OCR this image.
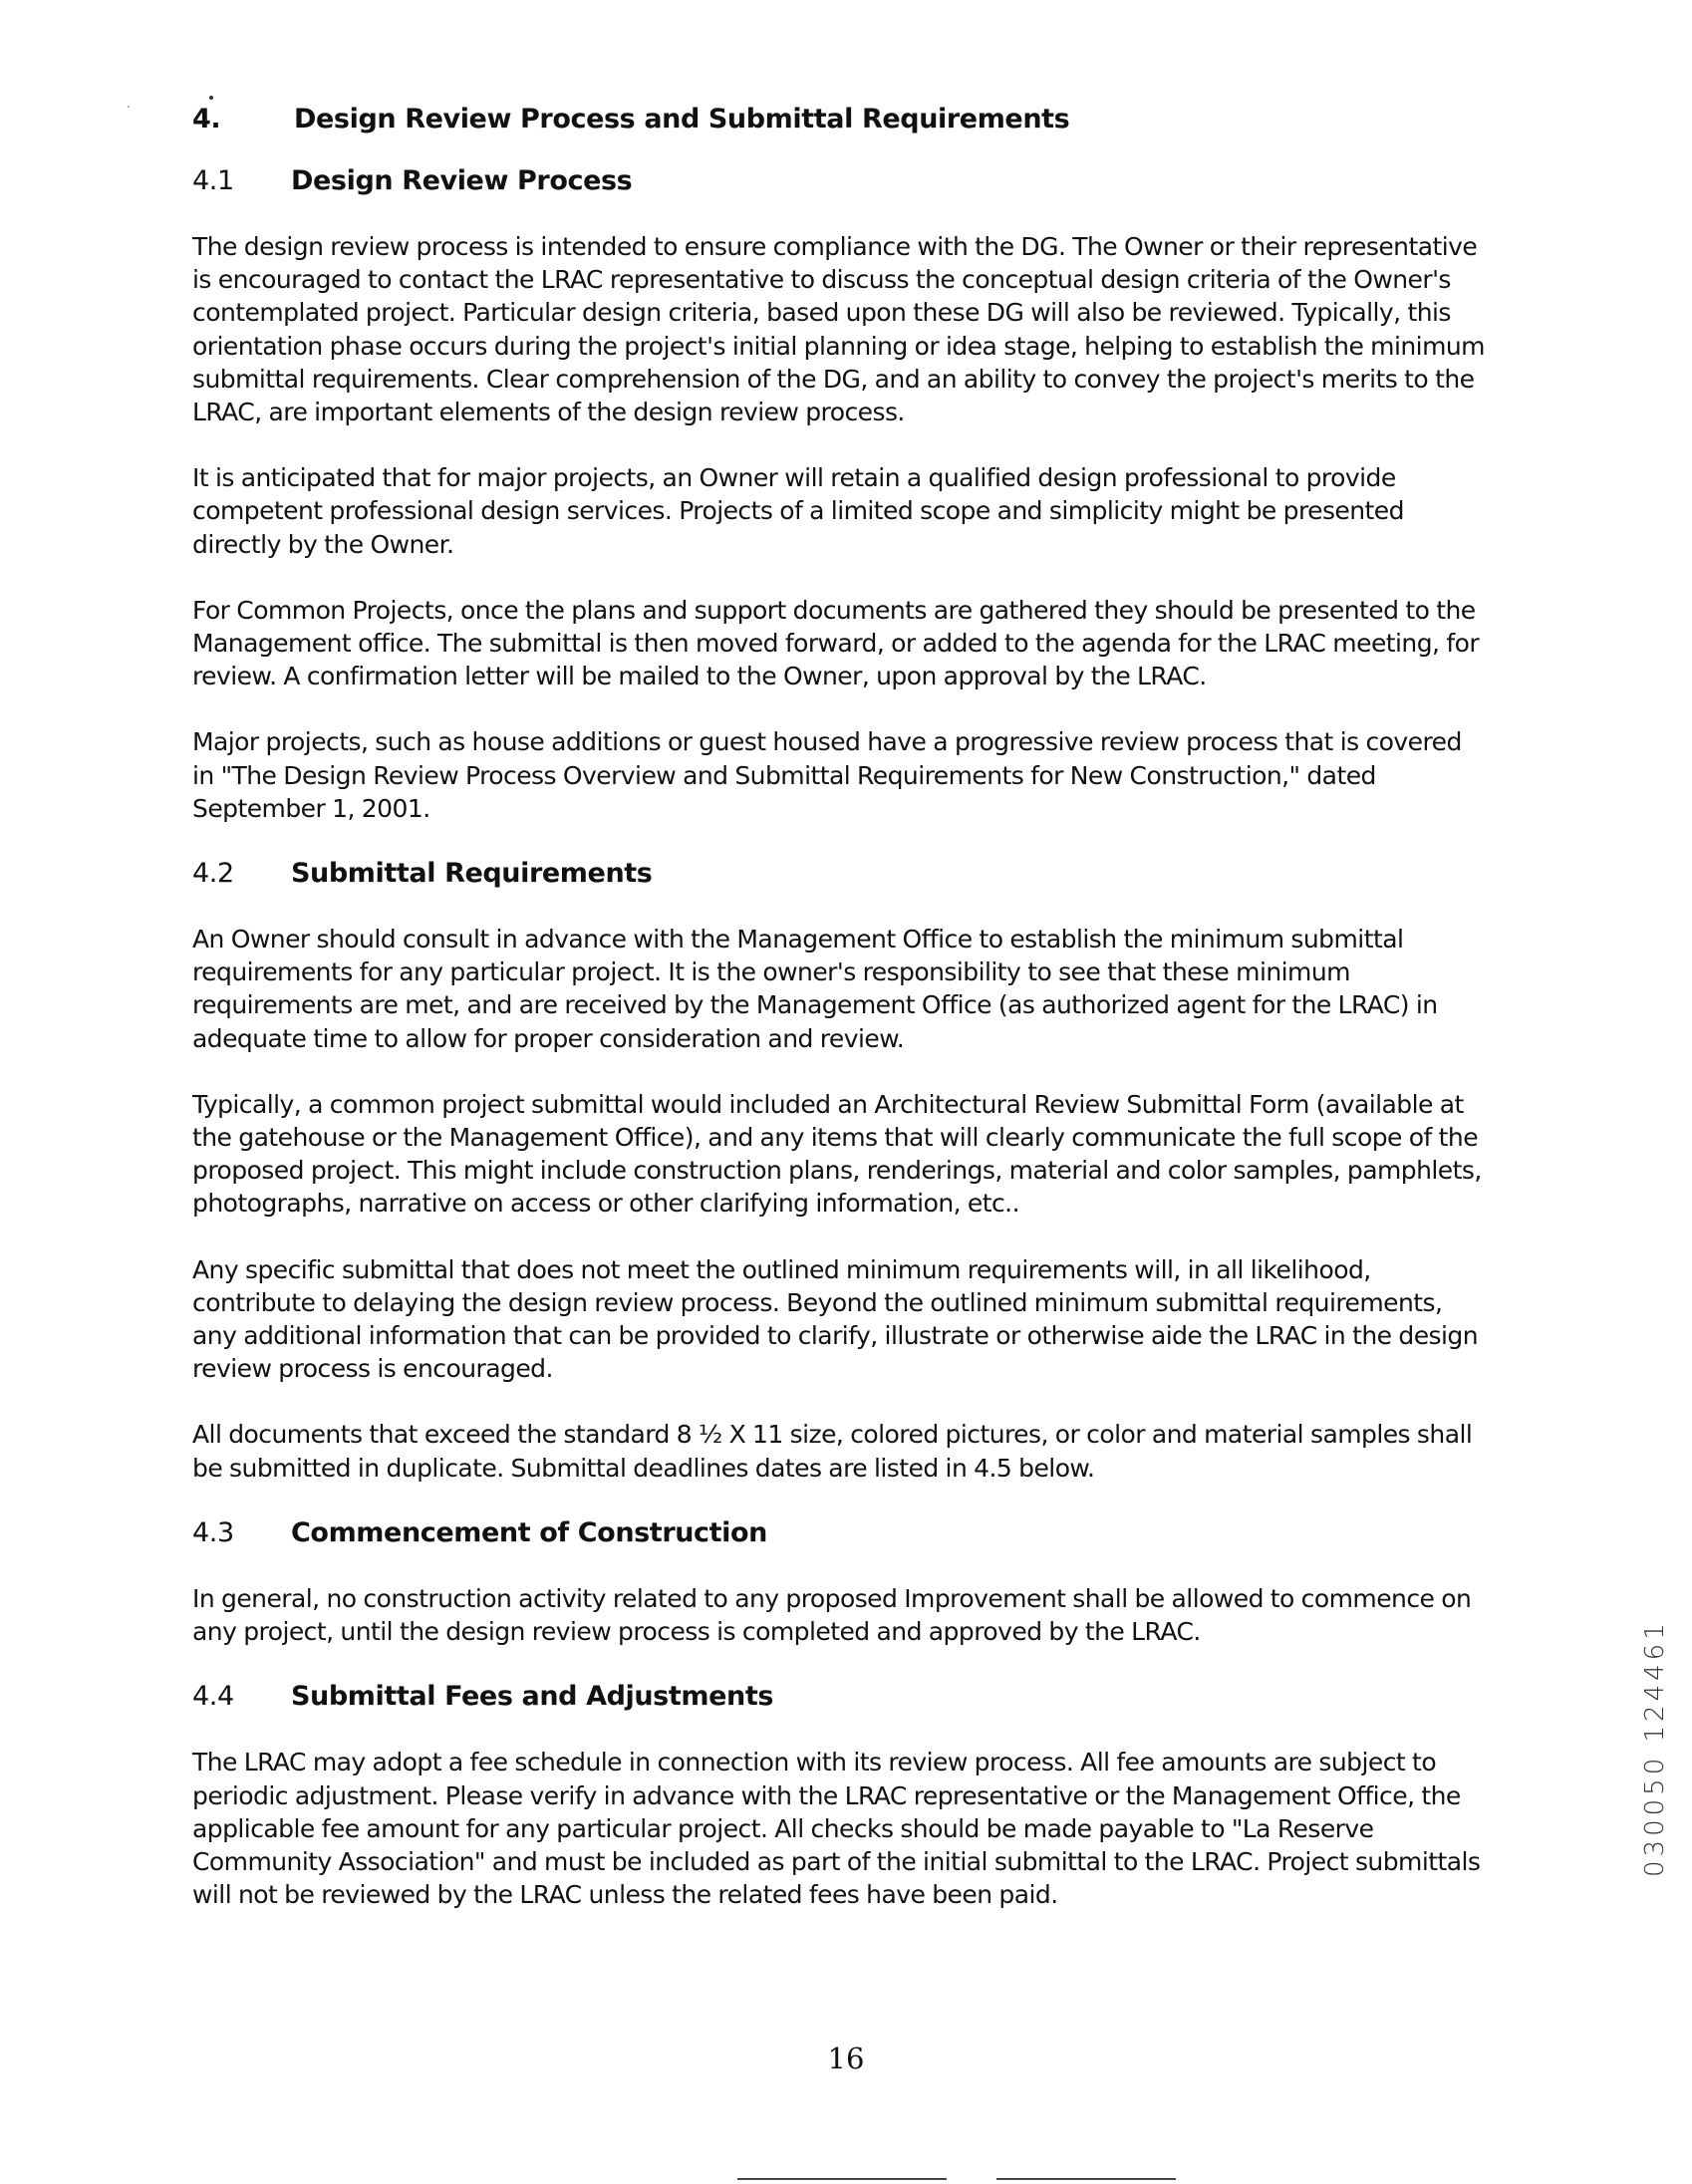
4.	Design Review Process and Submittal Requirements
4.1	Design Review Process

The design review process is intended to ensure compliance with the DG. The Owner or their representative is encouraged to contact the LRAC representative to discuss the conceptual design criteria of the Owner's contemplated project. Particular design criteria, based upon these DG will also be reviewed. Typically, this orientation phase occurs during the project's initial planning or idea stage, helping to establish the minimum submittal requirements. Clear comprehension of the DG, and an ability to convey the project's merits to the LRAC, are important elements of the design review process.

It is anticipated that for major projects, an Owner will retain a qualified design professional to provide competent professional design services. Projects of a limited scope and simplicity might be presented directly by the Owner.

For Common Projects, once the plans and support documents are gathered they should be presented to the Management office. The submittal is then moved forward, or added to the agenda for the LRAC meeting, for review. A confirmation letter will be mailed to the Owner, upon approval by the LRAC.

Major projects, such as house additions or guest housed have a progressive review process that is covered in "The Design Review Process Overview and Submittal Requirements for New Construction," dated September 1, 2001.

4.2	Submittal Requirements

An Owner should consult in advance with the Management Office to establish the minimum submittal requirements for any particular project. It is the owner's responsibility to see that these minimum requirements are met, and are received by the Management Office (as authorized agent for the LRAC) in adequate time to allow for proper consideration and review.

Typically, a common project submittal would included an Architectural Review Submittal Form (available at the gatehouse or the Management Office), and any items that will clearly communicate the full scope of the proposed project. This might include construction plans, renderings, material and color samples, pamphlets, photographs, narrative on access or other clarifying information, etc..

Any specific submittal that does not meet the outlined minimum requirements will, in all likelihood, contribute to delaying the design review process. Beyond the outlined minimum submittal requirements, any additional information that can be provided to clarify, illustrate or otherwise aide the LRAC in the design review process is encouraged.

All documents that exceed the standard 8 ½ X 11 size, colored pictures, or color and material samples shall be submitted in duplicate. Submittal deadlines dates are listed in 4.5 below.

4.3	Commencement of Construction

In general, no construction activity related to any proposed Improvement shall be allowed to commence on any project, until the design review process is completed and approved by the LRAC.

4.4	Submittal Fees and Adjustments

The LRAC may adopt a fee schedule in connection with its review process. All fee amounts are subject to periodic adjustment. Please verify in advance with the LRAC representative or the Management Office, the applicable fee amount for any particular project. All checks should be made payable to "La Reserve Community Association" and must be included as part of the initial submittal to the LRAC. Project submittals will not be reviewed by the LRAC unless the related fees have been paid.

16
030050 124461
